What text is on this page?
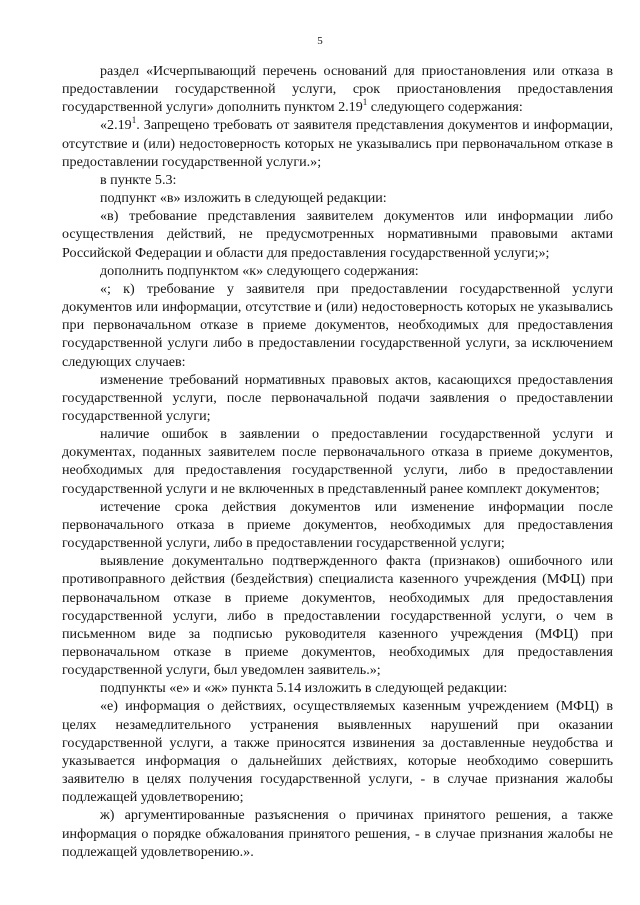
5

раздел «Исчерпывающий перечень оснований для приостановления или отказа в предоставлении государственной услуги, срок приостановления предоставления государственной услуги» дополнить пунктом 2.19$^1$ следующего содержания:

«2.19$^1$. Запрещено требовать от заявителя представления документов и информации, отсутствие и (или) недостоверность которых не указывались при первоначальном отказе в предоставлении государственной услуги.»;

в пункте 5.3:

подпункт «в» изложить в следующей редакции:

«в) требование представления заявителем документов или информации либо осуществления действий, не предусмотренных нормативными правовыми актами Российской Федерации и области для предоставления государственной услуги;»;

дополнить подпунктом «к» следующего содержания:

«; к) требование у заявителя при предоставлении государственной услуги документов или информации, отсутствие и (или) недостоверность которых не указывались при первоначальном отказе в приеме документов, необходимых для предоставления государственной услуги либо в предоставлении государственной услуги, за исключением следующих случаев:

изменение требований нормативных правовых актов, касающихся предоставления государственной услуги, после первоначальной подачи заявления о предоставлении государственной услуги;

наличие ошибок в заявлении о предоставлении государственной услуги и документах, поданных заявителем после первоначального отказа в приеме документов, необходимых для предоставления государственной услуги, либо в предоставлении государственной услуги и не включенных в представленный ранее комплект документов;

истечение срока действия документов или изменение информации после первоначального отказа в приеме документов, необходимых для предоставления государственной услуги, либо в предоставлении государственной услуги;

выявление документально подтвержденного факта (признаков) ошибочного или противоправного действия (бездействия) специалиста казенного учреждения (МФЦ) при первоначальном отказе в приеме документов, необходимых для предоставления государственной услуги, либо в предоставлении государственной услуги, о чем в письменном виде за подписью руководителя казенного учреждения (МФЦ) при первоначальном отказе в приеме документов, необходимых для предоставления государственной услуги, был уведомлен заявитель.»;

подпункты «е» и «ж» пункта 5.14 изложить в следующей редакции:

«е) информация о действиях, осуществляемых казенным учреждением (МФЦ) в целях незамедлительного устранения выявленных нарушений при оказании государственной услуги, а также приносятся извинения за доставленные неудобства и указывается информация о дальнейших действиях, которые необходимо совершить заявителю в целях получения государственной услуги, - в случае признания жалобы подлежащей удовлетворению;

ж) аргументированные разъяснения о причинах принятого решения, а также информация о порядке обжалования принятого решения, - в случае признания жалобы не подлежащей удовлетворению.».
